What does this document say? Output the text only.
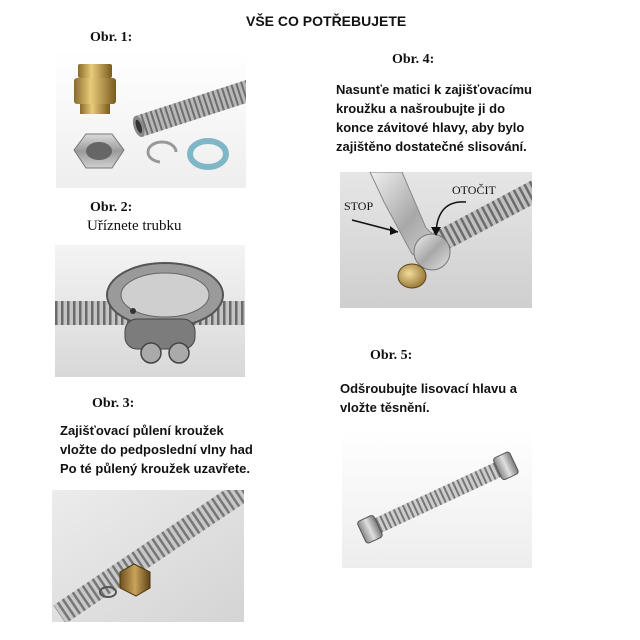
VŠE CO POTŘEBUJETE
Obr. 1:
Obr. 2:
Uříznete trubku
Obr. 3:
Zajišťovací půlení kroužek
vložte do pedposlední vlny had
Po té půlený kroužek uzavřete.
Obr. 4:
Nasunťe matici k zajišťovacímu
kroužku a našroubujte ji do
konce závitové hlavy, aby bylo
zajištěno dostatečné slisování.
STOP
OTOČIT
Obr. 5:
Odšroubujte lisovací hlavu a
vložte těsnění.
